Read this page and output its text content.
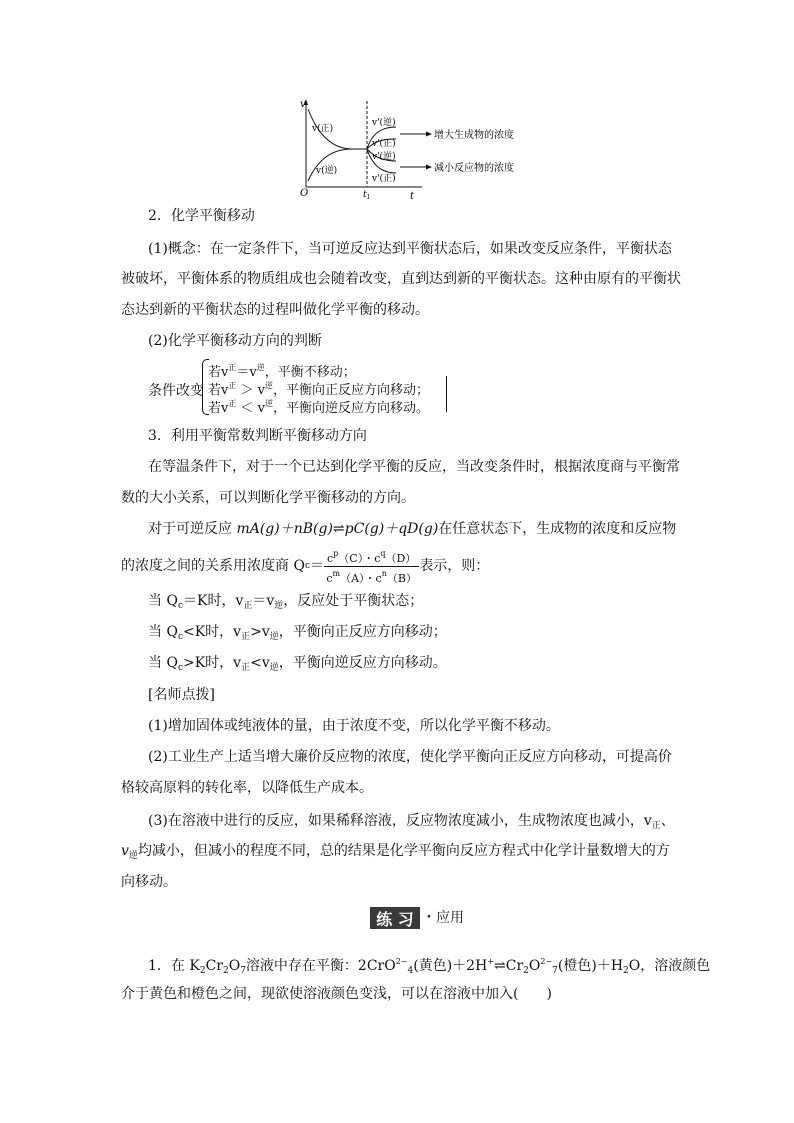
v
O	t
$t_1$
v(正)
v(逆)
v'(逆)
v'(正)
v'(逆)
v'(正)
增大生成物的浓度
减小反应物的浓度
2．化学平衡移动
(1)概念：在一定条件下，当可逆反应达到平衡状态后，如果改变反应条件，平衡状态
被破坏，平衡体系的物质组成也会随着改变，直到达到新的平衡状态。这种由原有的平衡状
态达到新的平衡状态的过程叫做化学平衡的移动。
(2)化学平衡移动方向的判断
条件改变
若$v^正=v^逆$，平衡不移动；
若$v^正 > v^逆$，平衡向正反应方向移动；
若$v^正 < v^逆$，平衡向逆反应方向移动。
3．利用平衡常数判断平衡移动方向
在等温条件下，对于一个已达到化学平衡的反应，当改变条件时，根据浓度商与平衡常
数的大小关系，可以判断化学平衡移动的方向。
对于可逆反应 mA(g)＋nB(g)⇌pC(g)＋qD(g)在任意状态下，生成物的浓度和反应物
的浓度之间的关系用浓度商 Q $c = \frac{c^p(C)・c^q(D)}{c^m(A)・c^n(B)}$ 表示，则：
当 $Q_c=K$时，$v_正=v_逆$，反应处于平衡状态；
当 $Q_c<K$时，$v_正>v_逆$，平衡向正反应方向移动；
当 $Q_c>K$时，$v_正<v_逆$，平衡向逆反应方向移动。
[名师点拨]
(1)增加固体或纯液体的量，由于浓度不变，所以化学平衡不移动。
(2)工业生产上适当增大廉价反应物的浓度，使化学平衡向正反应方向移动，可提高价
格较高原料的转化率，以降低生产成本。
(3)在溶液中进行的反应，如果稀释溶液，反应物浓度减小，生成物浓度也减小，$v_正$、
$v_逆$均减小，但减小的程度不同，总的结果是化学平衡向反应方程式中化学计量数增大的方
向移动。
练 习 ・应用
1．在 $K_2Cr_2O_7$溶液中存在平衡：2CrO$^{2-}_4$(黄色)$+2H^+\rightleftharpoons Cr_2O^{2-}_7$(橙色)$+H_2O$，溶液颜色
介于黄色和橙色之间，现欲使溶液颜色变浅，可以在溶液中加入(　　)
